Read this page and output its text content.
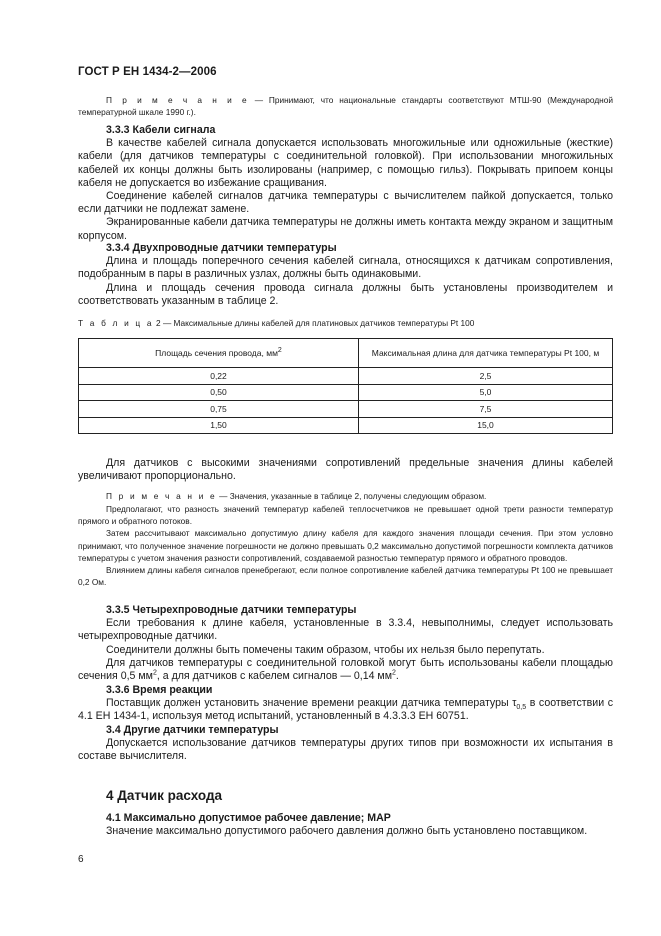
ГОСТ Р ЕН 1434-2—2006

П р и м е ч а н и е — Принимают, что национальные стандарты соответствуют МТШ-90 (Международной температурной шкале 1990 г.).

3.3.3 Кабели сигнала

В качестве кабелей сигнала допускается использовать многожильные или одножильные (жесткие) кабели (для датчиков температуры с соединительной головкой). При использовании многожильных кабелей их концы должны быть изолированы (например, с помощью гильз). Покрывать припоем концы кабеля не допускается во избежание сращивания.

Соединение кабелей сигналов датчика температуры с вычислителем пайкой допускается, только если датчики не подлежат замене.

Экранированные кабели датчика температуры не должны иметь контакта между экраном и защитным корпусом.

3.3.4 Двухпроводные датчики температуры

Длина и площадь поперечного сечения кабелей сигнала, относящихся к датчикам сопротивления, подобранным в пары в различных узлах, должны быть одинаковыми.

Длина и площадь сечения провода сигнала должны быть установлены производителем и соответствовать указанным в таблице 2.

Т а б л и ц а 2 — Максимальные длины кабелей для платиновых датчиков температуры Pt 100
Площадь сечения провода, $мм^2$	Максимальная длина для датчика температуры Pt 100, м
0,22	2,5
0,50	5,0
0,75	7,5
1,50	15,0

Для датчиков с высокими значениями сопротивлений предельные значения длины кабелей увеличивают пропорционально.

П р и м е ч а н и е — Значения, указанные в таблице 2, получены следующим образом.

Предполагают, что разность значений температур кабелей теплосчетчиков не превышает одной трети разности температур прямого и обратного потоков.

Затем рассчитывают максимально допустимую длину кабеля для каждого значения площади сечения. При этом условно принимают, что полученное значение погрешности не должно превышать 0,2 максимально допустимой погрешности комплекта датчиков температуры с учетом значения разности сопротивлений, создаваемой разностью температур прямого и обратного проводов.

Влиянием длины кабеля сигналов пренебрегают, если полное сопротивление кабелей датчика температуры Pt 100 не превышает 0,2 Ом.

3.3.5 Четырехпроводные датчики температуры

Если требования к длине кабеля, установленные в 3.3.4, невыполнимы, следует использовать четырехпроводные датчики.

Соединители должны быть помечены таким образом, чтобы их нельзя было перепутать.

Для датчиков температуры с соединительной головкой могут быть использованы кабели площадью сечения 0,5 $мм^2$, а для датчиков с кабелем сигналов — 0,14 $мм^2$.

3.3.6 Время реакции

Поставщик должен установить значение времени реакции датчика температуры $\tau_{0,5}$ в соответствии с 4.1 ЕН 1434-1, используя метод испытаний, установленный в 4.3.3.3 ЕН 60751.

3.4 Другие датчики температуры

Допускается использование датчиков температуры других типов при возможности их испытания в составе вычислителя.

4 Датчик расхода

4.1 Максимально допустимое рабочее давление; MAP

Значение максимально допустимого рабочего давления должно быть установлено поставщиком.

6
